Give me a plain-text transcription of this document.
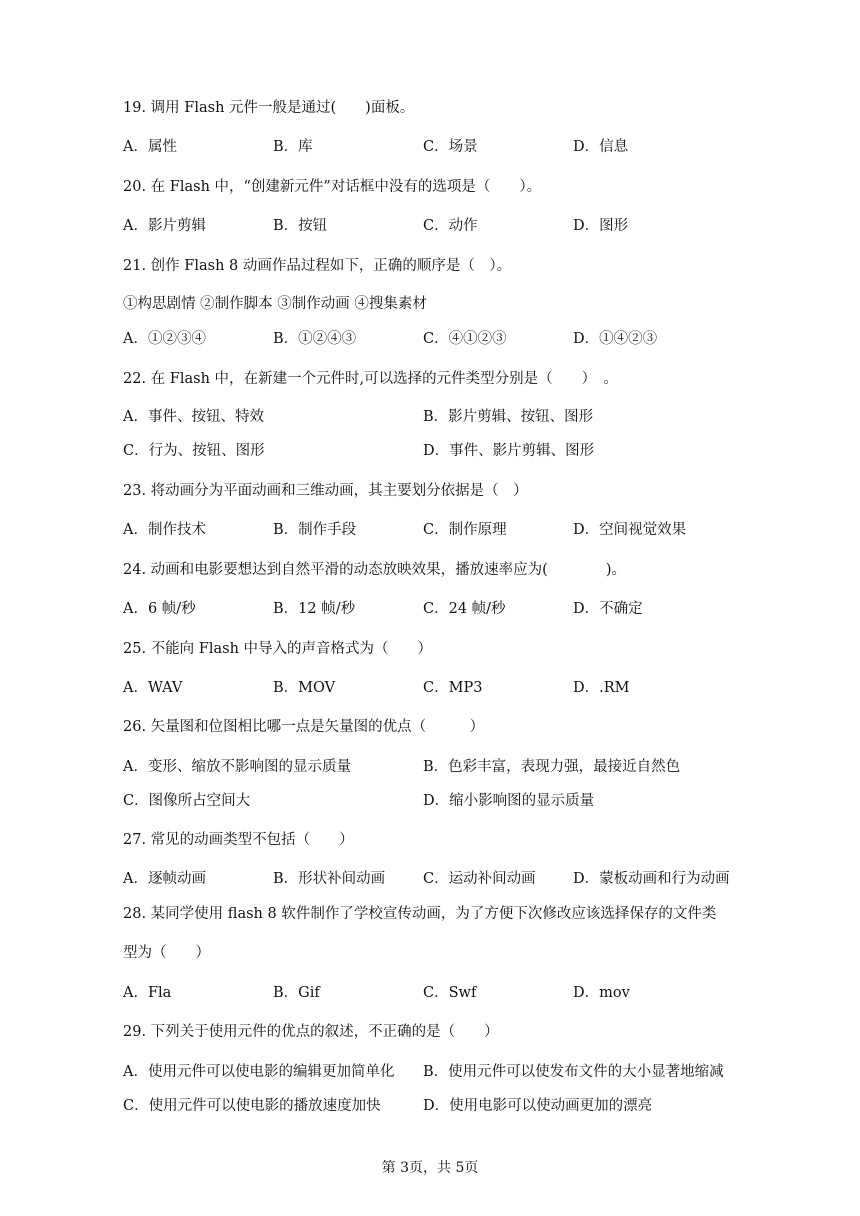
19. 调用 Flash 元件一般是通过(　　)面板。
A．属性	B．库	C．场景	D．信息
20. 在 Flash 中，“创建新元件”对话框中没有的选项是（　　）。
A．影片剪辑	B．按钮	C．动作	D．图形
21. 创作 Flash 8 动画作品过程如下，正确的顺序是（　）。
①构思剧情 ②制作脚本 ③制作动画 ④搜集素材
A．①②③④	B．①②④③	C．④①②③	D．①④②③
22. 在 Flash 中，在新建一个元件时,可以选择的元件类型分别是（　　）　。
A．事件、按钮、特效	B．影片剪辑、按钮、图形
C．行为、按钮、图形	D．事件、影片剪辑、图形
23. 将动画分为平面动画和三维动画，其主要划分依据是（　）
A．制作技术	B．制作手段	C．制作原理	D．空间视觉效果
24. 动画和电影要想达到自然平滑的动态放映效果，播放速率应为(　　　　)。
A．6 帧/秒	B．12 帧/秒	C．24 帧/秒	D．不确定
25. 不能向 Flash 中导入的声音格式为（　　）
A．WAV	B．MOV	C．MP3	D．.RM
26. 矢量图和位图相比哪一点是矢量图的优点（　　　）
A．变形、缩放不影响图的显示质量	B．色彩丰富，表现力强，最接近自然色
C．图像所占空间大	D．缩小影响图的显示质量
27. 常见的动画类型不包括（　　）
A．逐帧动画	B．形状补间动画	C．运动补间动画	D．蒙板动画和行为动画
28. 某同学使用 flash 8 软件制作了学校宣传动画，为了方便下次修改应该选择保存的文件类
型为（　　）
A．Fla	B．Gif	C．Swf	D．mov
29. 下列关于使用元件的优点的叙述，不正确的是（　　）
A．使用元件可以使电影的编辑更加简单化 B．使用元件可以使发布文件的大小显著地缩减
C．使用元件可以使电影的播放速度加快	D．使用电影可以使动画更加的漂亮
第 3页，共 5页
